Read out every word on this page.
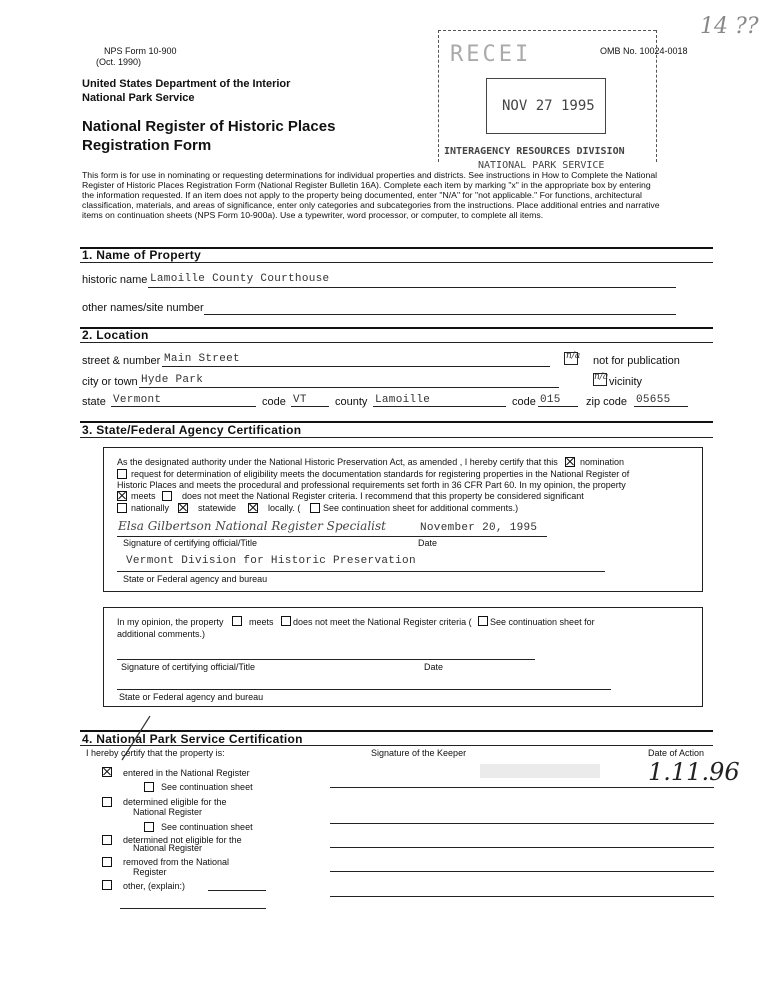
14 ??
NPS Form 10-900
(Oct. 1990)
OMB No. 10024-0018
United States Department of the Interior
National Park Service
National Register of Historic Places
Registration Form
RECEI
NOV 27 1995
INTERAGENCY RESOURCES DIVISION
NATIONAL PARK SERVICE
This form is for use in nominating or requesting determinations for individual properties and districts. See instructions in How to Complete the National
Register of Historic Places Registration Form (National Register Bulletin 16A). Complete each item by marking "x" in the appropriate box by entering
the information requested. If an item does not apply to the property being documented, enter "N/A" for "not applicable." For functions, architectural
classification, materials, and areas of significance, enter only categories and subcategories from the instructions. Place additional entries and narrative
items on continuation sheets (NPS Form 10-900a). Use a typewriter, word processor, or computer, to complete all items.
1. Name of Property
historic name Lamoille County Courthouse
other names/site number
2. Location
street & number Main Street	n/a not for publication
city or town Hyde Park	n/a vicinity
state Vermont	code VT	county Lamoille	code 015 zip code 05655
3. State/Federal Agency Certification
As the designated authority under the National Historic Preservation Act, as amended , I hereby certify that this nomination
request for determination of eligibility meets the documentation standards for registering properties in the National Register of
Historic Places and meets the procedural and professional requirements set forth in 36 CFR Part 60. In my opinion, the property
meets	does not meet the National Register criteria. I recommend that this property be considered significant
nationally	statewide	locally. (	See continuation sheet for additional comments.)
Elsa Gilbertson National Register Specialist	November 20, 1995
Signature of certifying official/Title	Date
Vermont Division for Historic Preservation
State or Federal agency and bureau
In my opinion, the property	meets does not meet the National Register criteria ( See continuation sheet for
additional comments.)
Signature of certifying official/Title	Date
State or Federal agency and bureau
4. National Park Service Certification
I hereby certify that the property is:	Signature of the Keeper	Date of Action
entered in the National Register
See continuation sheet
1.11.96
determined eligible for the
National Register
See continuation sheet
determined not eligible for the
National Register
removed from the National
Register
other, (explain:)
